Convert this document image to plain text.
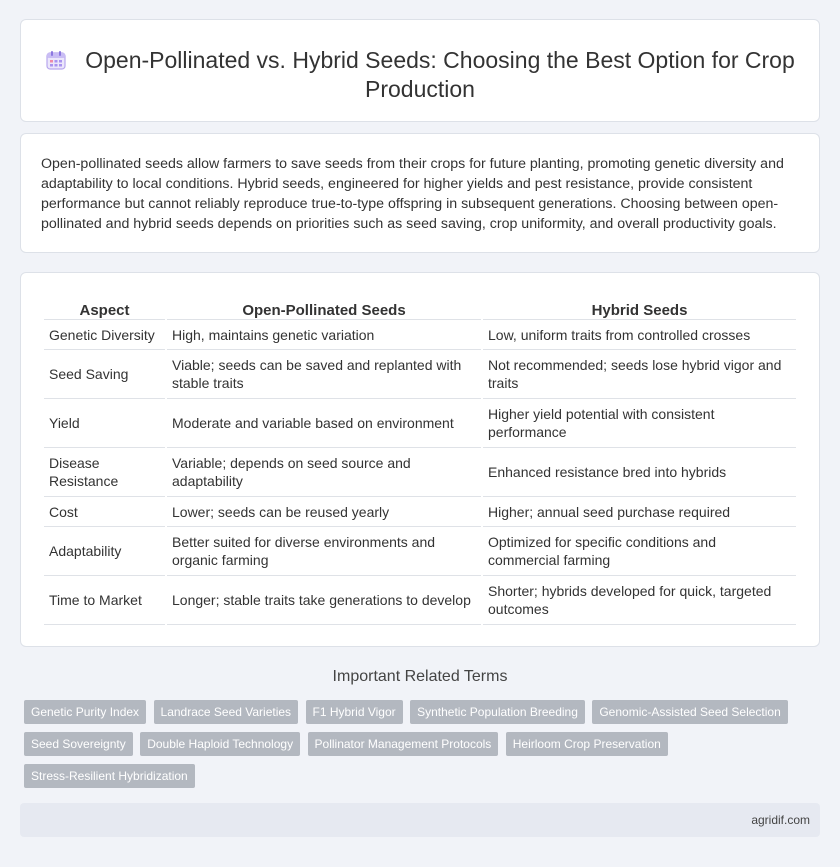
Open-Pollinated vs. Hybrid Seeds: Choosing the Best Option for Crop Production

Open-pollinated seeds allow farmers to save seeds from their crops for future planting, promoting genetic diversity and adaptability to local conditions. Hybrid seeds, engineered for higher yields and pest resistance, provide consistent performance but cannot reliably reproduce true-to-type offspring in subsequent generations. Choosing between open-pollinated and hybrid seeds depends on priorities such as seed saving, crop uniformity, and overall productivity goals.

Aspect	Open-Pollinated Seeds	Hybrid Seeds
Genetic Diversity	High, maintains genetic variation	Low, uniform traits from controlled crosses
Seed Saving	Viable; seeds can be saved and replanted with stable traits	Not recommended; seeds lose hybrid vigor and traits
Yield	Moderate and variable based on environment	Higher yield potential with consistent performance
Disease Resistance	Variable; depends on seed source and adaptability	Enhanced resistance bred into hybrids
Cost	Lower; seeds can be reused yearly	Higher; annual seed purchase required
Adaptability	Better suited for diverse environments and organic farming	Optimized for specific conditions and commercial farming
Time to Market	Longer; stable traits take generations to develop	Shorter; hybrids developed for quick, targeted outcomes
Important Related Terms
Genetic Purity Index Landrace Seed Varieties F1 Hybrid Vigor Synthetic Population Breeding Genomic-Assisted Seed Selection Seed Sovereignty Double Haploid Technology Pollinator Management Protocols Heirloom Crop Preservation Stress-Resilient Hybridization
agridif.com
